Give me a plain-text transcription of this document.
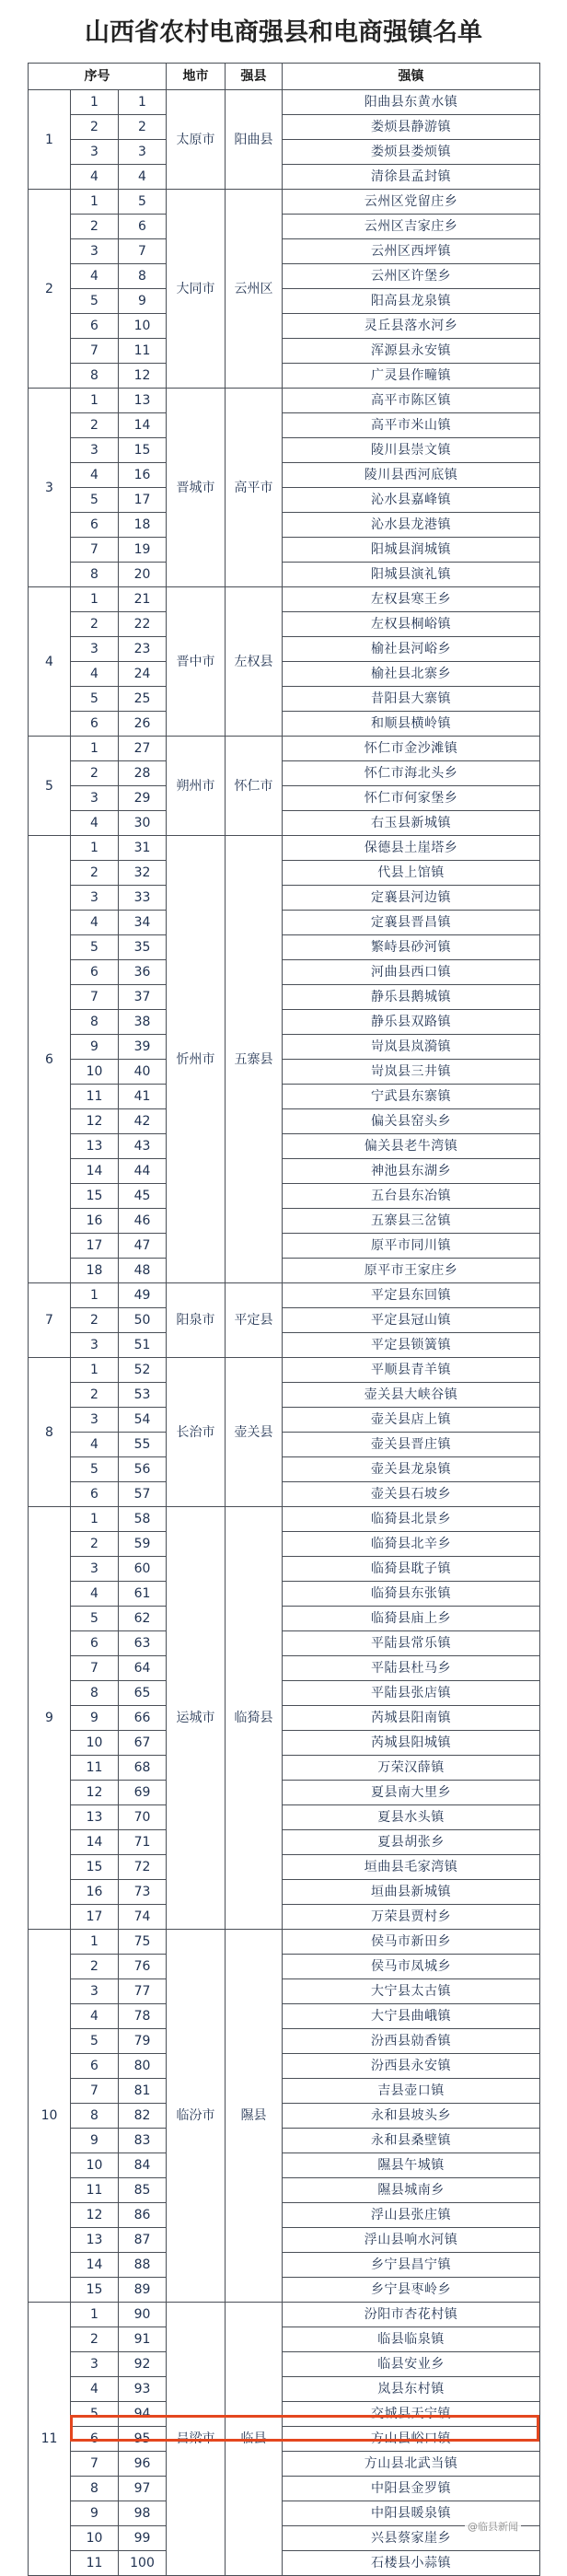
山西省农村电商强县和电商强镇名单
序号			地市	强县	强镇
1	1	1	太原市	阳曲县	阳曲县东黄水镇
	2	2			娄烦县静游镇
	3	3			娄烦县娄烦镇
	4	4			清徐县孟封镇
2	1	5	大同市	云州区	云州区党留庄乡
	2	6			云州区吉家庄乡
	3	7			云州区西坪镇
	4	8			云州区许堡乡
	5	9			阳高县龙泉镇
	6	10			灵丘县落水河乡
	7	11			浑源县永安镇
	8	12			广灵县作疃镇
3	1	13	晋城市	高平市	高平市陈区镇
	2	14			高平市米山镇
	3	15			陵川县崇文镇
	4	16			陵川县西河底镇
	5	17			沁水县嘉峰镇
	6	18			沁水县龙港镇
	7	19			阳城县润城镇
	8	20			阳城县演礼镇
4	1	21	晋中市	左权县	左权县寒王乡
	2	22			左权县桐峪镇
	3	23			榆社县河峪乡
	4	24			榆社县北寨乡
	5	25			昔阳县大寨镇
	6	26			和顺县横岭镇
5	1	27	朔州市	怀仁市	怀仁市金沙滩镇
	2	28			怀仁市海北头乡
	3	29			怀仁市何家堡乡
	4	30			右玉县新城镇
6	1	31	忻州市	五寨县	保德县土崖塔乡
	2	32			代县上馆镇
	3	33			定襄县河边镇
	4	34			定襄县晋昌镇
	5	35			繁峙县砂河镇
	6	36			河曲县西口镇
	7	37			静乐县鹅城镇
	8	38			静乐县双路镇
	9	39			岢岚县岚漪镇
	10	40			岢岚县三井镇
	11	41			宁武县东寨镇
	12	42			偏关县窑头乡
	13	43			偏关县老牛湾镇
	14	44			神池县东湖乡
	15	45			五台县东冶镇
	16	46			五寨县三岔镇
	17	47			原平市同川镇
	18	48			原平市王家庄乡
7	1	49	阳泉市	平定县	平定县东回镇
	2	50			平定县冠山镇
	3	51			平定县锁簧镇
8	1	52	长治市	壶关县	平顺县青羊镇
	2	53			壶关县大峡谷镇
	3	54			壶关县店上镇
	4	55			壶关县晋庄镇
	5	56			壶关县龙泉镇
	6	57			壶关县石坡乡
9	1	58	运城市	临猗县	临猗县北景乡
	2	59			临猗县北辛乡
	3	60			临猗县耽子镇
	4	61			临猗县东张镇
	5	62			临猗县庙上乡
	6	63			平陆县常乐镇
	7	64			平陆县杜马乡
	8	65			平陆县张店镇
	9	66			芮城县阳南镇
	10	67			芮城县阳城镇
	11	68			万荣汉薛镇
	12	69			夏县南大里乡
	13	70			夏县水头镇
	14	71			夏县胡张乡
	15	72			垣曲县毛家湾镇
	16	73			垣曲县新城镇
	17	74			万荣县贾村乡
10	1	75	临汾市	隰县	侯马市新田乡
	2	76			侯马市凤城乡
	3	77			大宁县太古镇
	4	78			大宁县曲峨镇
	5	79			汾西县勍香镇
	6	80			汾西县永安镇
	7	81			吉县壶口镇
	8	82			永和县坡头乡
	9	83			永和县桑壁镇
	10	84			隰县午城镇
	11	85			隰县城南乡
	12	86			浮山县张庄镇
	13	87			浮山县响水河镇
	14	88			乡宁县昌宁镇
	15	89			乡宁县枣岭乡
11	1	90	吕梁市	临县	汾阳市杏花村镇
	2	91			临县临泉镇
	3	92			临县安业乡
	4	93			岚县东村镇
	5	94			交城县天宁镇
	6	95			方山县峪口镇
	7	96			方山县北武当镇
	8	97			中阳县金罗镇
	9	98			中阳县暖泉镇
	10	99			兴县蔡家崖乡
	11	100			石楼县小蒜镇
@临县新闻
